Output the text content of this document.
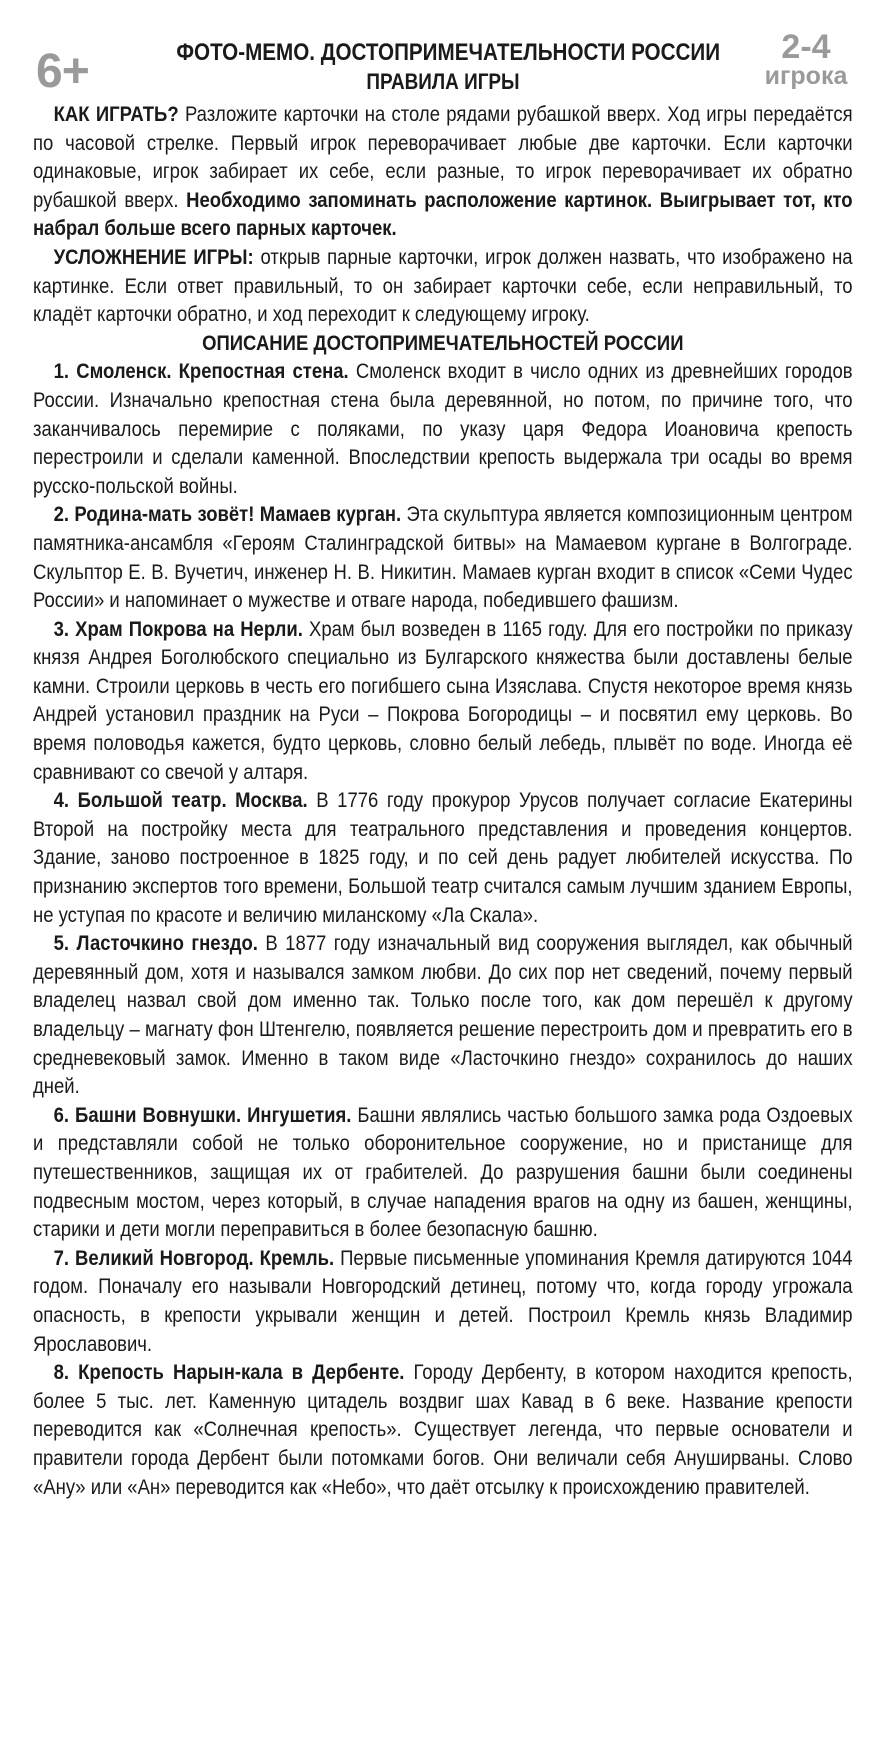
6+	ФОТО-МЕМО. ДОСТОПРИМЕЧАТЕЛЬНОСТИ РОССИИ
ПРАВИЛА ИГРЫ
2-4
игрока

КАК ИГРАТЬ? Разложите карточки на столе рядами рубашкой вверх. Ход игры передаётся по часовой стрелке. Первый игрок переворачивает любые две карточки. Если карточки одинаковые, игрок забирает их себе, если разные, то игрок переворачивает их обратно рубашкой вверх. Необходимо запоминать расположение картинок. Выигрывает тот, кто набрал больше всего парных карточек.

УСЛОЖНЕНИЕ ИГРЫ: открыв парные карточки, игрок должен назвать, что изображено на картинке. Если ответ правильный, то он забирает карточки себе, если неправильный, то кладёт карточки обратно, и ход переходит к следующему игроку.

ОПИСАНИЕ ДОСТОПРИМЕЧАТЕЛЬНОСТЕЙ РОССИИ

1. Смоленск. Крепостная стена. Смоленск входит в число одних из древнейших городов России. Изначально крепостная стена была деревянной, но потом, по причине того, что заканчивалось перемирие с поляками, по указу царя Федора Иоановича крепость перестроили и сделали каменной. Впоследствии крепость выдержала три осады во время русско-польской войны.

2. Родина-мать зовёт! Мамаев курган. Эта скульптура является композиционным центром памятника-ансамбля «Героям Сталинградской битвы» на Мамаевом кургане в Волгограде. Скульптор Е. В. Вучетич, инженер Н. В. Никитин. Мамаев курган входит в список «Семи Чудес России» и напоминает о мужестве и отваге народа, победившего фашизм.

3. Храм Покрова на Нерли. Храм был возведен в 1165 году. Для его постройки по приказу князя Андрея Боголюбского специально из Булгарского княжества были доставлены белые камни. Строили церковь в честь его погибшего сына Изяслава. Спустя некоторое время князь Андрей установил праздник на Руси – Покрова Богородицы – и посвятил ему церковь. Во время половодья кажется, будто церковь, словно белый лебедь, плывёт по воде. Иногда её сравнивают со свечой у алтаря.

4. Большой театр. Москва. В 1776 году прокурор Урусов получает согласие Екатерины Второй на постройку места для театрального представления и проведения концертов. Здание, заново построенное в 1825 году, и по сей день радует любителей искусства. По признанию экспертов того времени, Большой театр считался самым лучшим зданием Европы, не уступая по красоте и величию миланскому «Ла Скала».

5. Ласточкино гнездо. В 1877 году изначальный вид сооружения выглядел, как обычный деревянный дом, хотя и назывался замком любви. До сих пор нет сведений, почему первый владелец назвал свой дом именно так. Только после того, как дом перешёл к другому владельцу – магнату фон Штенгелю, появляется решение перестроить дом и превратить его в средневековый замок. Именно в таком виде «Ласточкино гнездо» сохранилось до наших дней.

6. Башни Вовнушки. Ингушетия. Башни являлись частью большого замка рода Оздоевых и представляли собой не только оборонительное сооружение, но и пристанище для путешественников, защищая их от грабителей. До разрушения башни были соединены подвесным мостом, через который, в случае нападения врагов на одну из башен, женщины, старики и дети могли переправиться в более безопасную башню.

7. Великий Новгород. Кремль. Первые письменные упоминания Кремля датируются 1044 годом. Поначалу его называли Новгородский детинец, потому что, когда городу угрожала опасность, в крепости укрывали женщин и детей. Построил Кремль князь Владимир Ярославович.

8. Крепость Нарын-кала в Дербенте. Городу Дербенту, в котором находится крепость, более 5 тыс. лет. Каменную цитадель воздвиг шах Кавад в 6 веке. Название крепости переводится как «Солнечная крепость». Существует легенда, что первые основатели и правители города Дербент были потомками богов. Они величали себя Ануширваны. Слово «Ану» или «Ан» переводится как «Небо», что даёт отсылку к происхождению правителей.
